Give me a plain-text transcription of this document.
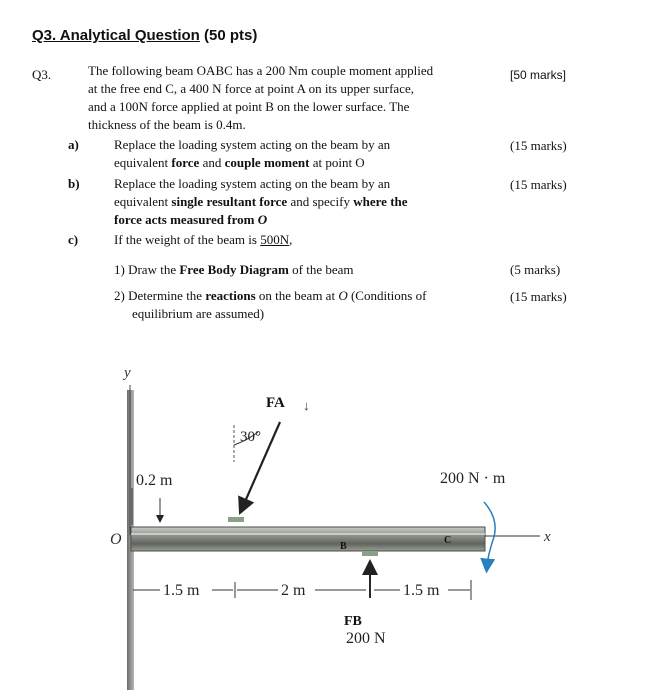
Q3. Analytical Question (50 pts)
Q3.	[50 marks]
The following beam OABC has a 200 Nm couple moment applied
at the free end C, a 400 N force at point A on its upper surface,
and a 100N force applied at point B on the lower surface. The
thickness of the beam is 0.4m.
a)	Replace the loading system acting on the beam by an
equivalent force and couple moment at point O
(15 marks)
b)	Replace the loading system acting on the beam by an
equivalent single resultant force and specify where the
force acts measured from O
(15 marks)
c)	If the weight of the beam is 500N,
1) Draw the Free Body Diagram of the beam	(5 marks)
2) Determine the reactions on the beam at O (Conditions of
equilibrium are assumed)
(15 marks)
y
0.2 m
O	x
B
C
30°
FA ↓
200 N · m
FB
200 N
1.5 m	2 m	1.5 m
